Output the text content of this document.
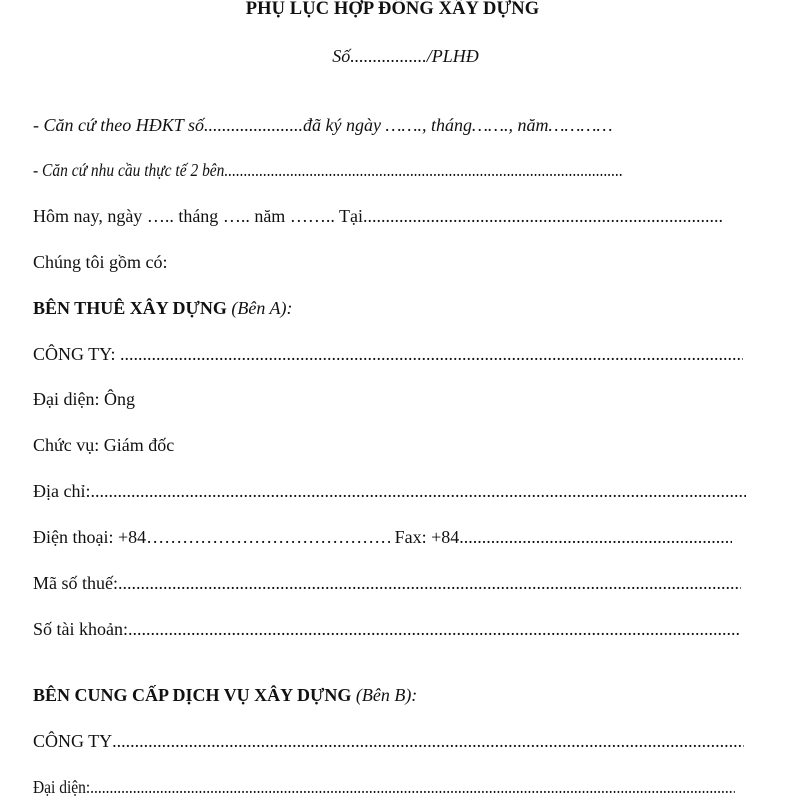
PHỤ LỤC HỢP ĐỒNG XÂY DỰNG
Số................./PLHĐ
- Căn cứ theo HĐKT số......................đã ký ngày ……., tháng……., năm…………
- Căn cứ nhu cầu thực tế 2 bên.......................................................................................................
Hôm nay, ngày ….. tháng ….. năm …….. Tại.....
Chúng tôi gồm có:
BÊN THUÊ XÂY DỰNG (Bên A):
CÔNG TY: .....
Đại diện: Ông
Chức vụ: Giám đốc
Địa chỉ:.....
Điện thoại: +84 ………………………………………………………………………………………………	Fax: +84.....
Mã số thuế:.....
Số tài khoản:.....
BÊN CUNG CẤP DỊCH VỤ XÂY DỰNG (Bên B):
CÔNG TY.....
Đại diện:.....
